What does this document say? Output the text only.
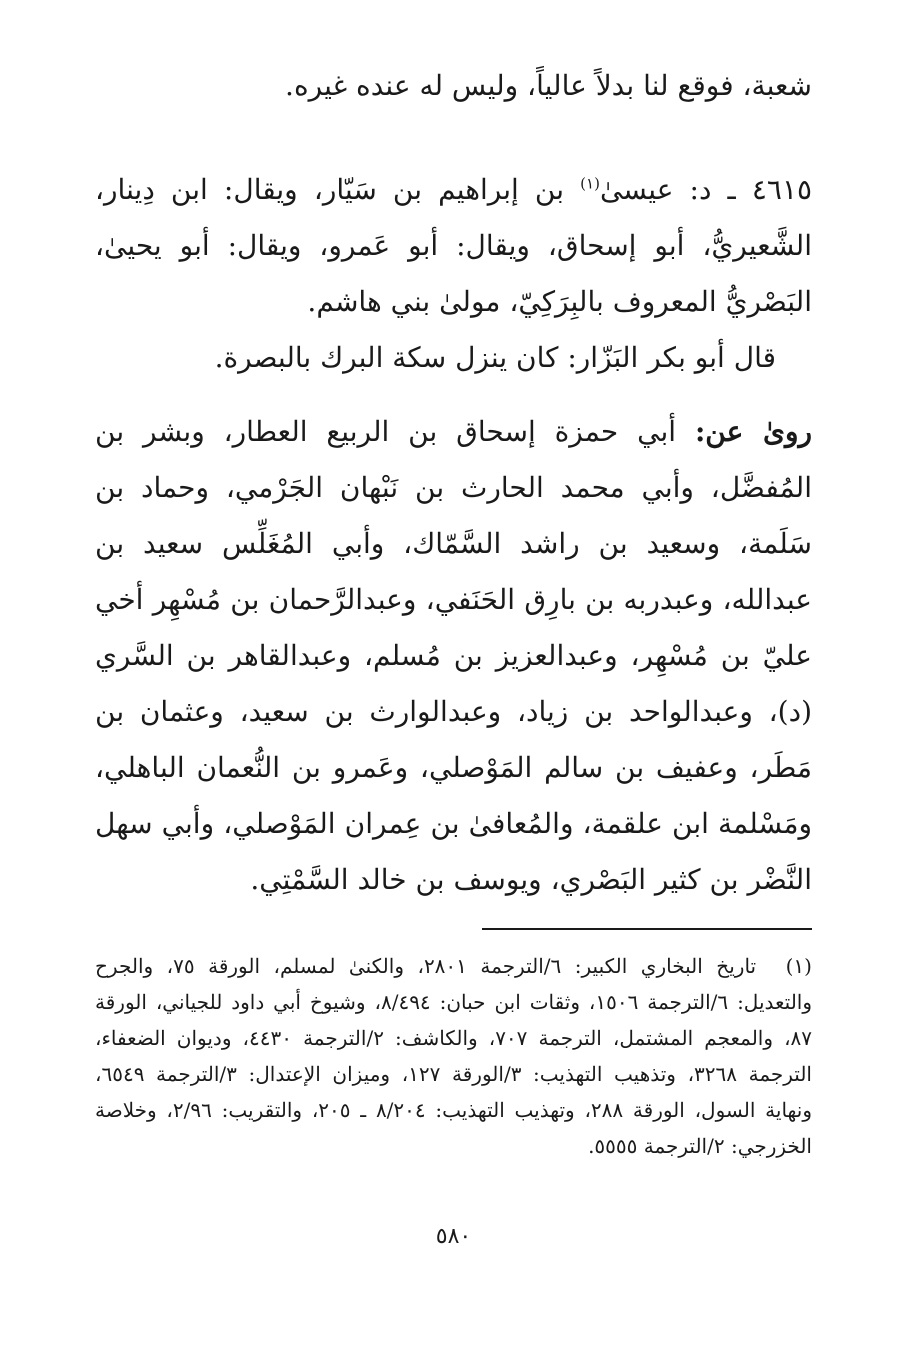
شعبة، فوقع لنا بدلاً عالياً، وليس له عنده غيره.

٤٦١٥ ـ د: عيسىٰ$^{(١)}$ بن إبراهيم بن سَيّار، ويقال: ابن دِينار، الشَّعيريُّ، أبو إسحاق، ويقال: أبو عَمرو، ويقال: أبو يحيىٰ، البَصْريُّ المعروف بالبِرَكِيّ، مولىٰ بني هاشم.

قال أبو بكر البَزّار: كان ينزل سكة البرك بالبصرة.

روىٰ عن: أبي حمزة إسحاق بن الربيع العطار، وبشر بن المُفضَّل، وأبي محمد الحارث بن نَبْهان الجَرْمي، وحماد بن سَلَمة، وسعيد بن راشد السَّمّاك، وأبي المُغَلِّس سعيد بن عبدالله، وعبدربه بن بارِق الحَنَفي، وعبدالرَّحمان بن مُسْهِر أخي عليّ بن مُسْهِر، وعبدالعزيز بن مُسلم، وعبدالقاهر بن السَّري (د)، وعبدالواحد بن زياد، وعبدالوارث بن سعيد، وعثمان بن مَطَر، وعفيف بن سالم المَوْصلي، وعَمرو بن النُّعمان الباهلي، ومَسْلمة ابن علقمة، والمُعافىٰ بن عِمران المَوْصلي، وأبي سهل النَّضْر بن كثير البَصْري، ويوسف بن خالد السَّمْتِي.

(١) تاريخ البخاري الكبير: ٦/الترجمة ٢٨٠١، والكنىٰ لمسلم، الورقة ٧٥، والجرح والتعديل: ٦/الترجمة ١٥٠٦، وثقات ابن حبان: ٨/٤٩٤، وشيوخ أبي داود للجياني، الورقة ٨٧، والمعجم المشتمل، الترجمة ٧٠٧، والكاشف: ٢/الترجمة ٤٤٣٠، وديوان الضعفاء، الترجمة ٣٢٦٨، وتذهيب التهذيب: ٣/الورقة ١٢٧، وميزان الإعتدال: ٣/الترجمة ٦٥٤٩، ونهاية السول، الورقة ٢٨٨، وتهذيب التهذيب: ٨/٢٠٤ ـ ٢٠٥، والتقريب: ٢/٩٦، وخلاصة الخزرجي: ٢/الترجمة ٥٥٥٥.

٥٨٠
